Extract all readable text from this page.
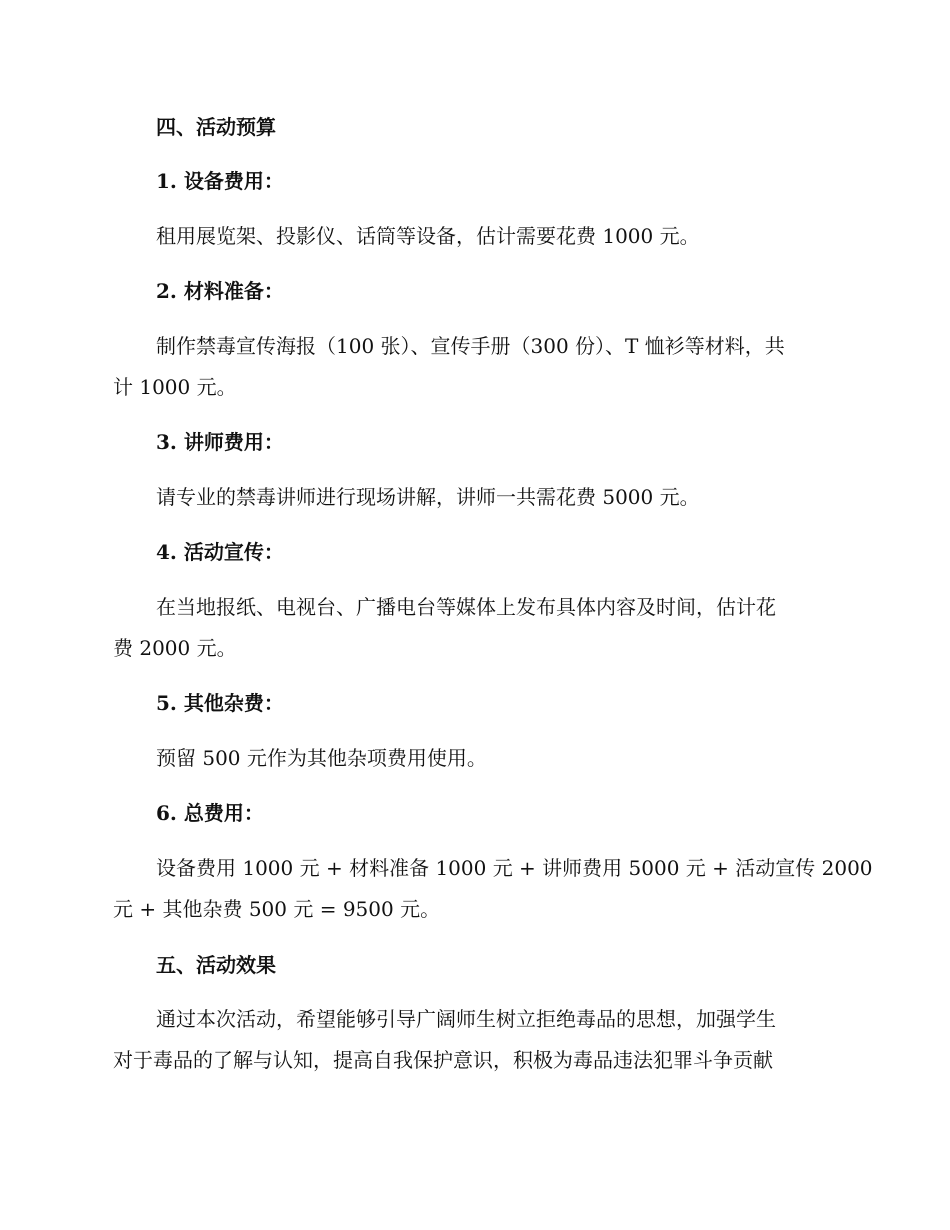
四、活动预算
1. 设备费用：
租用展览架、投影仪、话筒等设备，估计需要花费 1000 元。
2. 材料准备：
制作禁毒宣传海报（100 张）、宣传手册（300 份）、T 恤衫等材料，共
计 1000 元。
3. 讲师费用：
请专业的禁毒讲师进行现场讲解，讲师一共需花费 5000 元。
4. 活动宣传：
在当地报纸、电视台、广播电台等媒体上发布具体内容及时间，估计花
费 2000 元。
5. 其他杂费：
预留 500 元作为其他杂项费用使用。
6. 总费用：
设备费用 1000 元 + 材料准备 1000 元 + 讲师费用 5000 元 + 活动宣传 2000
元 + 其他杂费 500 元 = 9500 元。
五、活动效果
通过本次活动，希望能够引导广阔师生树立拒绝毒品的思想，加强学生
对于毒品的了解与认知，提高自我保护意识，积极为毒品违法犯罪斗争贡献
